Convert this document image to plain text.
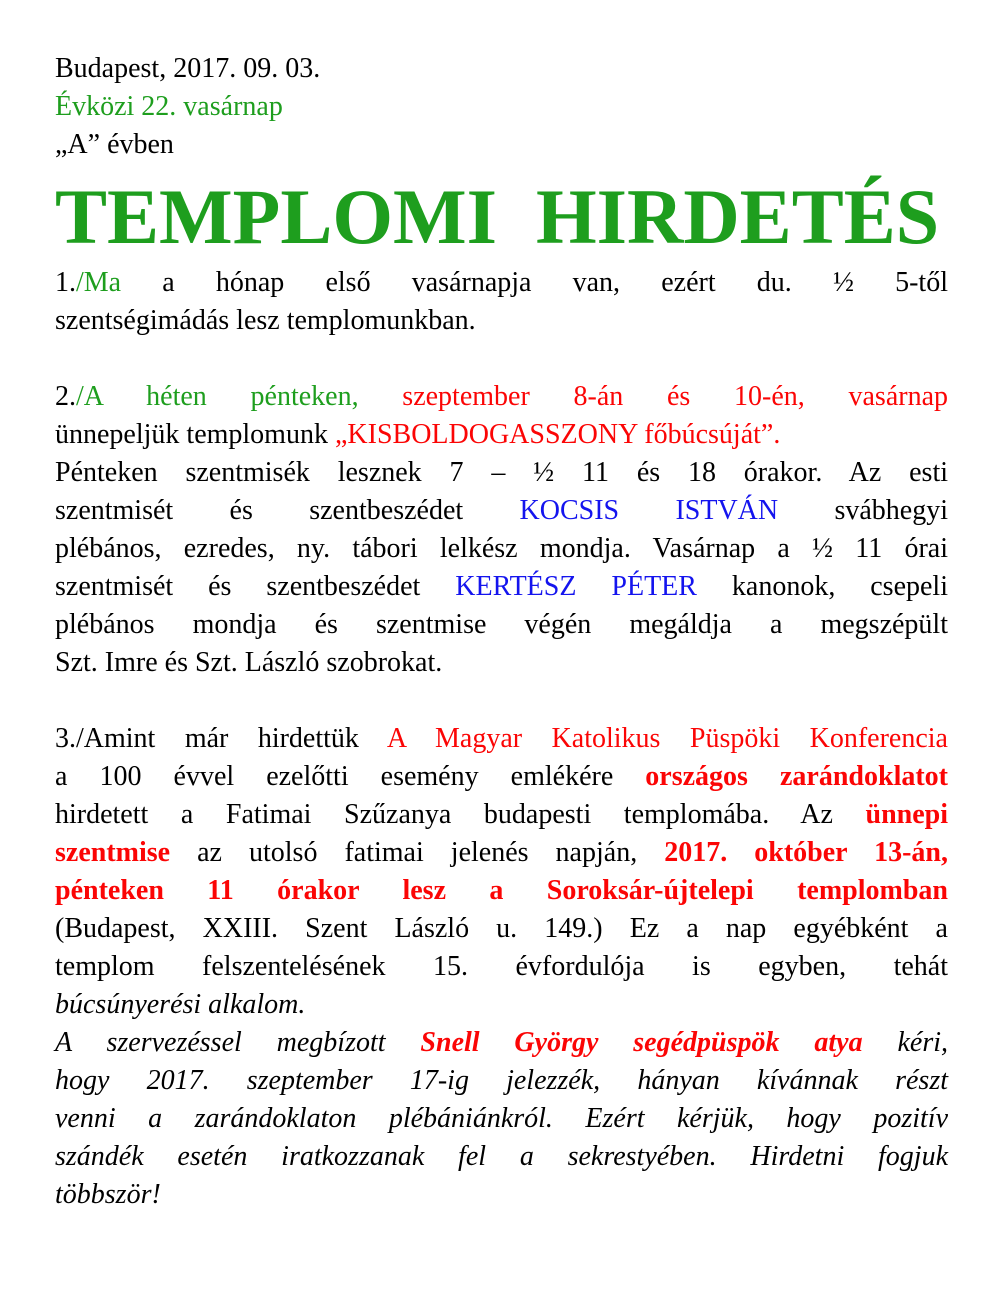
Budapest, 2017. 09. 03.
Évközi 22. vasárnap
„A” évben
TEMPLOMI  HIRDETÉS
1./Ma a hónap első vasárnapja van, ezért du. ½ 5-től
szentségimádás lesz templomunkban.
2./A héten pénteken, szeptember 8-án és 10-én, vasárnap
ünnepeljük templomunk „KISBOLDOGASSZONY főbúcsúját”.
Pénteken szentmisék lesznek 7 – ½ 11 és 18 órakor. Az esti
szentmisét és szentbeszédet KOCSIS ISTVÁN svábhegyi
plébános, ezredes, ny. tábori lelkész mondja. Vasárnap a ½ 11 órai
szentmisét és szentbeszédet KERTÉSZ PÉTER kanonok, csepeli
plébános mondja és szentmise végén megáldja a megszépült
Szt. Imre és Szt. László szobrokat.
3./Amint már hirdettük A Magyar Katolikus Püspöki Konferencia
a 100 évvel ezelőtti esemény emlékére országos zarándoklatot
hirdetett a Fatimai Szűzanya budapesti templomába. Az ünnepi
szentmise az utolsó fatimai jelenés napján, 2017. október 13-án,
pénteken 11 órakor lesz a Soroksár-újtelepi templomban
(Budapest, XXIII. Szent László u. 149.) Ez a nap egyébként a
templom felszentelésének 15. évfordulója is egyben, tehát
búcsúnyerési alkalom.
A szervezéssel megbízott Snell György segédpüspök atya kéri,
hogy 2017. szeptember 17-ig jelezzék, hányan kívánnak részt
venni a zarándoklaton plébániánkról. Ezért kérjük, hogy pozitív
szándék esetén iratkozzanak fel a sekrestyében. Hirdetni fogjuk
többször!
